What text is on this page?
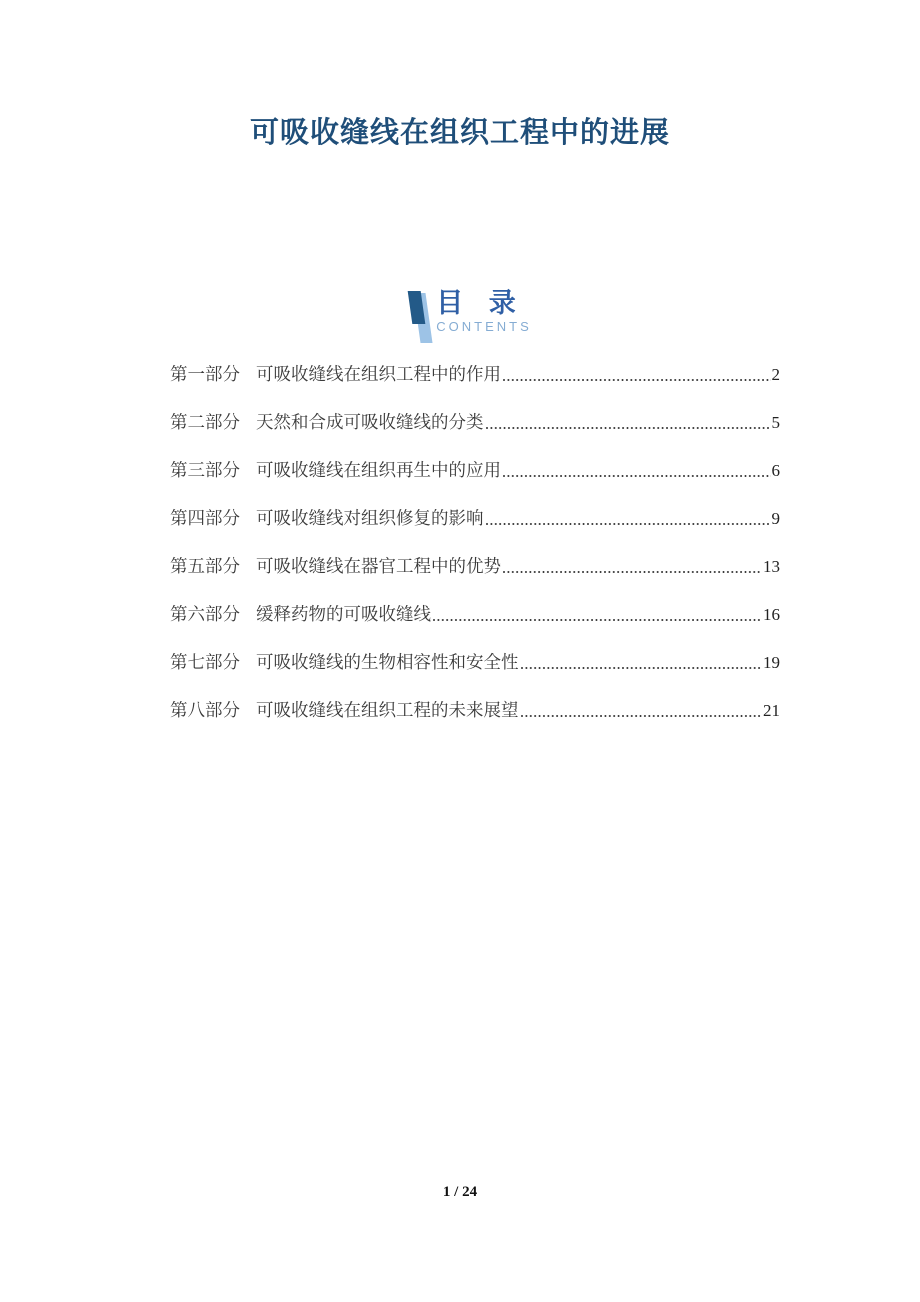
可吸收缝线在组织工程中的进展
目 录
CONTENTS
第一部分 可吸收缝线在组织工程中的作用	2
第二部分 天然和合成可吸收缝线的分类	5
第三部分 可吸收缝线在组织再生中的应用	6
第四部分 可吸收缝线对组织修复的影响	9
第五部分 可吸收缝线在器官工程中的优势	13
第六部分 缓释药物的可吸收缝线	16
第七部分 可吸收缝线的生物相容性和安全性	19
第八部分 可吸收缝线在组织工程的未来展望	21
1 / 24
